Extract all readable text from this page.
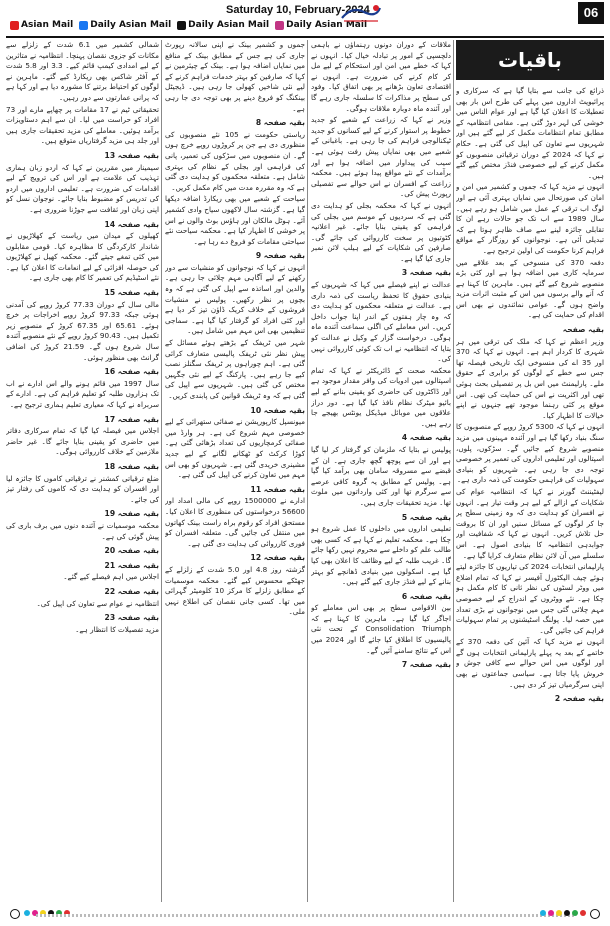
Asian Mail Daily Asian Mail Daily Asian Mail Daily Asian Mail
Saturday 10, February-2024	06
باقیات
ذرائع کی جانب سے بتایا گیا ہے کہ سرکاری و پرائیویٹ اداروں میں پہلے کی طرح اس بار بھی تعطیلات کا اعلان کیا گیا ہے اور عوام الناس میں خوشی کی لہر دوڑ گئی ہے۔ مقامی انتظامیہ کے مطابق تمام انتظامات مکمل کر لیے گئے ہیں اور شہریوں سے تعاون کی اپیل کی گئی ہے۔ حکام نے کہا کہ 2024 کے دوران ترقیاتی منصوبوں کو مکمل کرنے کے لیے خصوصی فنڈز مختص کیے گئے ہیں۔
انہوں نے مزید کہا کہ جموں و کشمیر میں امن و امان کی صورتحال میں نمایاں بہتری آئی ہے اور لوگ اب ترقی کے عمل میں شامل ہو رہے ہیں۔ سال 1989 سے اب تک جو حالات رہے ان کا تقابلی جائزہ لینے سے صاف ظاہر ہوتا ہے کہ تبدیلی آئی ہے۔ نوجوانوں کو روزگار کے مواقع فراہم کرنا حکومت کی اولین ترجیح ہے۔
دفعہ 370 کی منسوخی کے بعد علاقے میں سرمایہ کاری میں اضافہ ہوا ہے اور کئی بڑے منصوبے شروع کیے گئے ہیں۔ ماہرین کا کہنا ہے کہ آنے والے برسوں میں اس کے مثبت اثرات مزید واضح ہوں گے۔ عوامی نمائندوں نے بھی اس اقدام کی حمایت کی ہے۔
بقیہ صفحہ
وزیر اعظم نے کہا کہ ملک کی ترقی میں ہر شہری کا کردار اہم ہے۔ انہوں نے کہا کہ 370 اور 35 اے کی منسوخی ایک تاریخی فیصلہ تھا جس سے خطے کے لوگوں کو برابری کے حقوق ملے۔ پارلیمنٹ میں اس بل پر تفصیلی بحث ہوئی تھی اور اکثریت نے اس کی حمایت کی تھی۔ اس موقع پر کئی رہنما موجود تھے جنہوں نے اپنے خیالات کا اظہار کیا۔
انہوں نے کہا کہ 5300 کروڑ روپے کے منصوبوں کا سنگ بنیاد رکھا گیا ہے اور آئندہ مہینوں میں مزید منصوبے شروع کیے جائیں گے۔ سڑکوں، پلوں، اسپتالوں اور تعلیمی اداروں کی تعمیر پر خصوصی توجہ دی جا رہی ہے۔ شہریوں کو بنیادی سہولیات کی فراہمی حکومت کی ذمہ داری ہے۔
لیفٹیننٹ گورنر نے کہا کہ انتظامیہ عوام کی شکایات کے ازالے کے لیے ہر وقت تیار ہے۔ انہوں نے افسران کو ہدایت دی کہ وہ زمینی سطح پر جا کر لوگوں کے مسائل سنیں اور ان کا بروقت حل تلاش کریں۔ انہوں نے کہا کہ شفافیت اور جوابدہی انتظامیہ کا بنیادی اصول ہے۔ اس سلسلے میں آن لائن نظام متعارف کرایا گیا ہے۔
پارلیمانی انتخابات 2024 کی تیاریوں کا جائزہ لیتے ہوئے چیف الیکٹورل آفیسر نے کہا کہ تمام اضلاع میں ووٹر لسٹوں کی نظر ثانی کا کام مکمل ہو چکا ہے۔ نئے ووٹروں کے اندراج کے لیے خصوصی مہم چلائی گئی جس میں نوجوانوں نے بڑی تعداد میں حصہ لیا۔ پولنگ اسٹیشنوں پر تمام سہولیات فراہم کی جائیں گی۔
انہوں نے مزید کہا کہ آئین کی دفعہ 370 کے خاتمے کے بعد یہ پہلے پارلیمانی انتخابات ہوں گے اور لوگوں میں اس حوالے سے کافی جوش و خروش پایا جاتا ہے۔ سیاسی جماعتوں نے بھی اپنی سرگرمیاں تیز کر دی ہیں۔
بقیہ صفحہ 2
ملاقات کے دوران دونوں رہنماؤں نے باہمی دلچسپی کے امور پر تبادلہ خیال کیا۔ انہوں نے کہا کہ خطے میں امن اور استحکام کے لیے مل کر کام کرنے کی ضرورت ہے۔ انہوں نے اقتصادی تعاون بڑھانے پر بھی اتفاق کیا۔ وفود کی سطح پر مذاکرات کا سلسلہ جاری رہے گا اور آئندہ ماہ دوبارہ ملاقات ہوگی۔
وزیر نے کہا کہ زراعت کے شعبے کو جدید خطوط پر استوار کرنے کے لیے کسانوں کو جدید ٹیکنالوجی فراہم کی جا رہی ہے۔ باغبانی کے شعبے میں بھی نمایاں پیش رفت ہوئی ہے۔ سیب کی پیداوار میں اضافہ ہوا ہے اور برآمدات کے نئے مواقع پیدا ہوئے ہیں۔ محکمہ زراعت کے افسران نے اس حوالے سے تفصیلی رپورٹ پیش کی۔
انہوں نے کہا کہ محکمہ بجلی کو ہدایت دی گئی ہے کہ سردیوں کے موسم میں بجلی کی فراہمی کو یقینی بنایا جائے۔ غیر اعلانیہ کٹوتیوں پر سخت کارروائی کی جائے گی۔ صارفین کی شکایات کے لیے ہیلپ لائن نمبر جاری کیا گیا ہے۔
بقیہ صفحہ 3
عدالت نے اپنے فیصلے میں کہا کہ شہریوں کے بنیادی حقوق کا تحفظ ریاست کی ذمہ داری ہے۔ عدالت نے متعلقہ محکموں کو ہدایت دی کہ وہ چار ہفتوں کے اندر اپنا جواب داخل کریں۔ اس معاملے کی اگلی سماعت آئندہ ماہ ہوگی۔ درخواست گزار کے وکیل نے عدالت کو بتایا کہ انتظامیہ نے اب تک کوئی کارروائی نہیں کی۔
محکمہ صحت کے ڈائریکٹر نے کہا کہ تمام اسپتالوں میں ادویات کی وافر مقدار موجود ہے اور ڈاکٹروں کی حاضری کو یقینی بنانے کے لیے بائیو میٹرک نظام نافذ کیا گیا ہے۔ دور دراز علاقوں میں موبائل میڈیکل یونٹس بھیجے جا رہے ہیں۔
بقیہ صفحہ 4
پولیس نے بتایا کہ ملزمان کو گرفتار کر لیا گیا ہے اور ان سے پوچھ گچھ جاری ہے۔ ان کے قبضے سے مسروقہ سامان بھی برآمد کیا گیا ہے۔ پولیس کے مطابق یہ گروہ کافی عرصے سے سرگرم تھا اور کئی وارداتوں میں ملوث تھا۔ مزید تحقیقات جاری ہیں۔
بقیہ صفحہ 5
تعلیمی اداروں میں داخلوں کا عمل شروع ہو چکا ہے۔ محکمہ تعلیم نے کہا ہے کہ کسی بھی طالب علم کو داخلے سے محروم نہیں رکھا جائے گا۔ غریب طلبہ کے لیے وظائف کا اعلان بھی کیا گیا ہے۔ اسکولوں میں بنیادی ڈھانچے کو بہتر بنانے کے لیے فنڈز جاری کیے گئے ہیں۔
بقیہ صفحہ 6
بین الاقوامی سطح پر بھی اس معاملے کو اجاگر کیا گیا ہے۔ ماہرین کا کہنا ہے کہ Consolidation Triumph کے تحت نئی پالیسیوں کا اطلاق کیا جائے گا اور 2024 میں اس کے نتائج سامنے آئیں گے۔
بقیہ صفحہ 7
جموں و کشمیر بینک نے اپنی سالانہ رپورٹ جاری کی ہے جس کے مطابق بینک کے منافع میں نمایاں اضافہ ہوا ہے۔ بینک کے چیئرمین نے کہا کہ صارفین کو بہتر خدمات فراہم کرنے کے لیے نئی شاخیں کھولی جا رہی ہیں۔ ڈیجیٹل بینکنگ کو فروغ دینے پر بھی توجہ دی جا رہی ہے۔
بقیہ صفحہ 8
ریاستی حکومت نے 105 نئے منصوبوں کی منظوری دی ہے جن پر کروڑوں روپے خرچ ہوں گے۔ ان منصوبوں میں سڑکوں کی تعمیر، پانی کی فراہمی اور بجلی کے نظام کی بہتری شامل ہے۔ متعلقہ محکموں کو ہدایت دی گئی ہے کہ وہ مقررہ مدت میں کام مکمل کریں۔
سیاحت کے شعبے میں بھی ریکارڈ اضافہ دیکھا گیا ہے۔ گزشتہ سال لاکھوں سیاح وادی کشمیر آئے۔ ہوٹل مالکان اور ہاؤس بوٹ والوں نے اس پر خوشی کا اظہار کیا ہے۔ محکمہ سیاحت نئے سیاحتی مقامات کو فروغ دے رہا ہے۔
بقیہ صفحہ 9
انہوں نے کہا کہ نوجوانوں کو منشیات سے دور رکھنے کے لیے آگاہی مہم چلائی جا رہی ہے۔ والدین اور اساتذہ سے اپیل کی گئی ہے کہ وہ بچوں پر نظر رکھیں۔ پولیس نے منشیات فروشوں کے خلاف کریک ڈاؤن تیز کر دیا ہے اور کئی افراد کو گرفتار کیا گیا ہے۔ سماجی تنظیمیں بھی اس مہم میں شامل ہیں۔
شہر میں ٹریفک کے بڑھتے ہوئے مسائل کے پیش نظر نئی ٹریفک پالیسی متعارف کرائی گئی ہے۔ اہم چوراہوں پر ٹریفک سگنلز نصب کیے جا رہے ہیں۔ پارکنگ کے لیے نئی جگہیں مختص کی گئی ہیں۔ شہریوں سے اپیل کی گئی ہے کہ وہ ٹریفک قوانین کی پابندی کریں۔
بقیہ صفحہ 10
میونسپل کارپوریشن نے صفائی ستھرائی کے لیے خصوصی مہم شروع کی ہے۔ ہر وارڈ میں صفائی کرمچاریوں کی تعداد بڑھائی گئی ہے۔ کوڑا کرکٹ کو ٹھکانے لگانے کے لیے جدید مشینری خریدی گئی ہے۔ شہریوں کو بھی اس مہم میں تعاون کرنے کی اپیل کی گئی ہے۔
بقیہ صفحہ 11
ادارے نے 1500000 روپے کی مالی امداد اور 56600 درخواستوں کی منظوری کا اعلان کیا۔ مستحق افراد کو رقوم براہ راست بینک کھاتوں میں منتقل کی جائیں گی۔ متعلقہ افسران کو فوری کارروائی کی ہدایت دی گئی ہے۔
بقیہ صفحہ 12
گزشتہ روز 4.8 اور 5.0 شدت کے زلزلے کے جھٹکے محسوس کیے گئے۔ محکمہ موسمیات کے مطابق زلزلے کا مرکز 10 کلومیٹر گہرائی میں تھا۔ کسی جانی نقصان کی اطلاع نہیں ملی۔
شمالی کشمیر میں 6.1 شدت کے زلزلے سے مکانات کو جزوی نقصان پہنچا۔ انتظامیہ نے متاثرین کے لیے امدادی کیمپ قائم کیے۔ 3.3 اور 5.8 شدت کے آفٹر شاکس بھی ریکارڈ کیے گئے۔ ماہرین نے لوگوں کو احتیاط برتنے کا مشورہ دیا ہے اور کہا ہے کہ پرانی عمارتوں سے دور رہیں۔
تحقیقاتی ٹیم نے 17 مقامات پر چھاپے مارے اور 73 افراد کو حراست میں لیا۔ ان سے اہم دستاویزات برآمد ہوئیں۔ معاملے کی مزید تحقیقات جاری ہیں اور جلد ہی مزید گرفتاریاں متوقع ہیں۔
بقیہ صفحہ 13
سیمینار میں مقررین نے کہا کہ اردو زبان ہماری تہذیب کی علامت ہے اور اس کی ترویج کے لیے اقدامات کی ضرورت ہے۔ تعلیمی اداروں میں اردو کی تدریس کو مضبوط بنایا جائے۔ نوجوان نسل کو اپنی زبان اور ثقافت سے جوڑنا ضروری ہے۔
بقیہ صفحہ 14
کھیلوں کے میدان میں ریاست کے کھلاڑیوں نے شاندار کارکردگی کا مظاہرہ کیا۔ قومی مقابلوں میں کئی تمغے جیتے گئے۔ محکمہ کھیل نے کھلاڑیوں کی حوصلہ افزائی کے لیے انعامات کا اعلان کیا ہے۔ نئے اسٹیڈیم کی تعمیر کا کام بھی جاری ہے۔
بقیہ صفحہ 15
مالی سال کے دوران 77.33 کروڑ روپے کی آمدنی ہوئی جبکہ 97.33 کروڑ روپے اخراجات پر خرچ ہوئے۔ 65.61 اور 67.35 کروڑ کے منصوبے زیر تکمیل ہیں۔ 90.43 کروڑ روپے کے نئے منصوبے آئندہ سال شروع ہوں گے۔ 21.59 کروڑ کی اضافی گرانٹ بھی منظور ہوئی۔
بقیہ صفحہ 16
سال 1997 میں قائم ہونے والے اس ادارے نے اب تک ہزاروں طلبہ کو تعلیم فراہم کی ہے۔ ادارے کے سربراہ نے کہا کہ معیاری تعلیم ہماری ترجیح ہے۔
بقیہ صفحہ 17
اجلاس میں فیصلہ کیا گیا کہ تمام سرکاری دفاتر میں حاضری کو یقینی بنایا جائے گا۔ غیر حاضر ملازمین کے خلاف کارروائی ہوگی۔
بقیہ صفحہ 18
ضلع ترقیاتی کمشنر نے ترقیاتی کاموں کا جائزہ لیا اور افسران کو ہدایت دی کہ کاموں کی رفتار تیز کی جائے۔
بقیہ صفحہ 19
محکمہ موسمیات نے آئندہ دنوں میں برف باری کی پیش گوئی کی ہے۔
بقیہ صفحہ 20
بقیہ صفحہ 21
اجلاس میں اہم فیصلے کیے گئے۔
بقیہ صفحہ 22
انتظامیہ نے عوام سے تعاون کی اپیل کی۔
بقیہ صفحہ 23
مزید تفصیلات کا انتظار ہے۔
